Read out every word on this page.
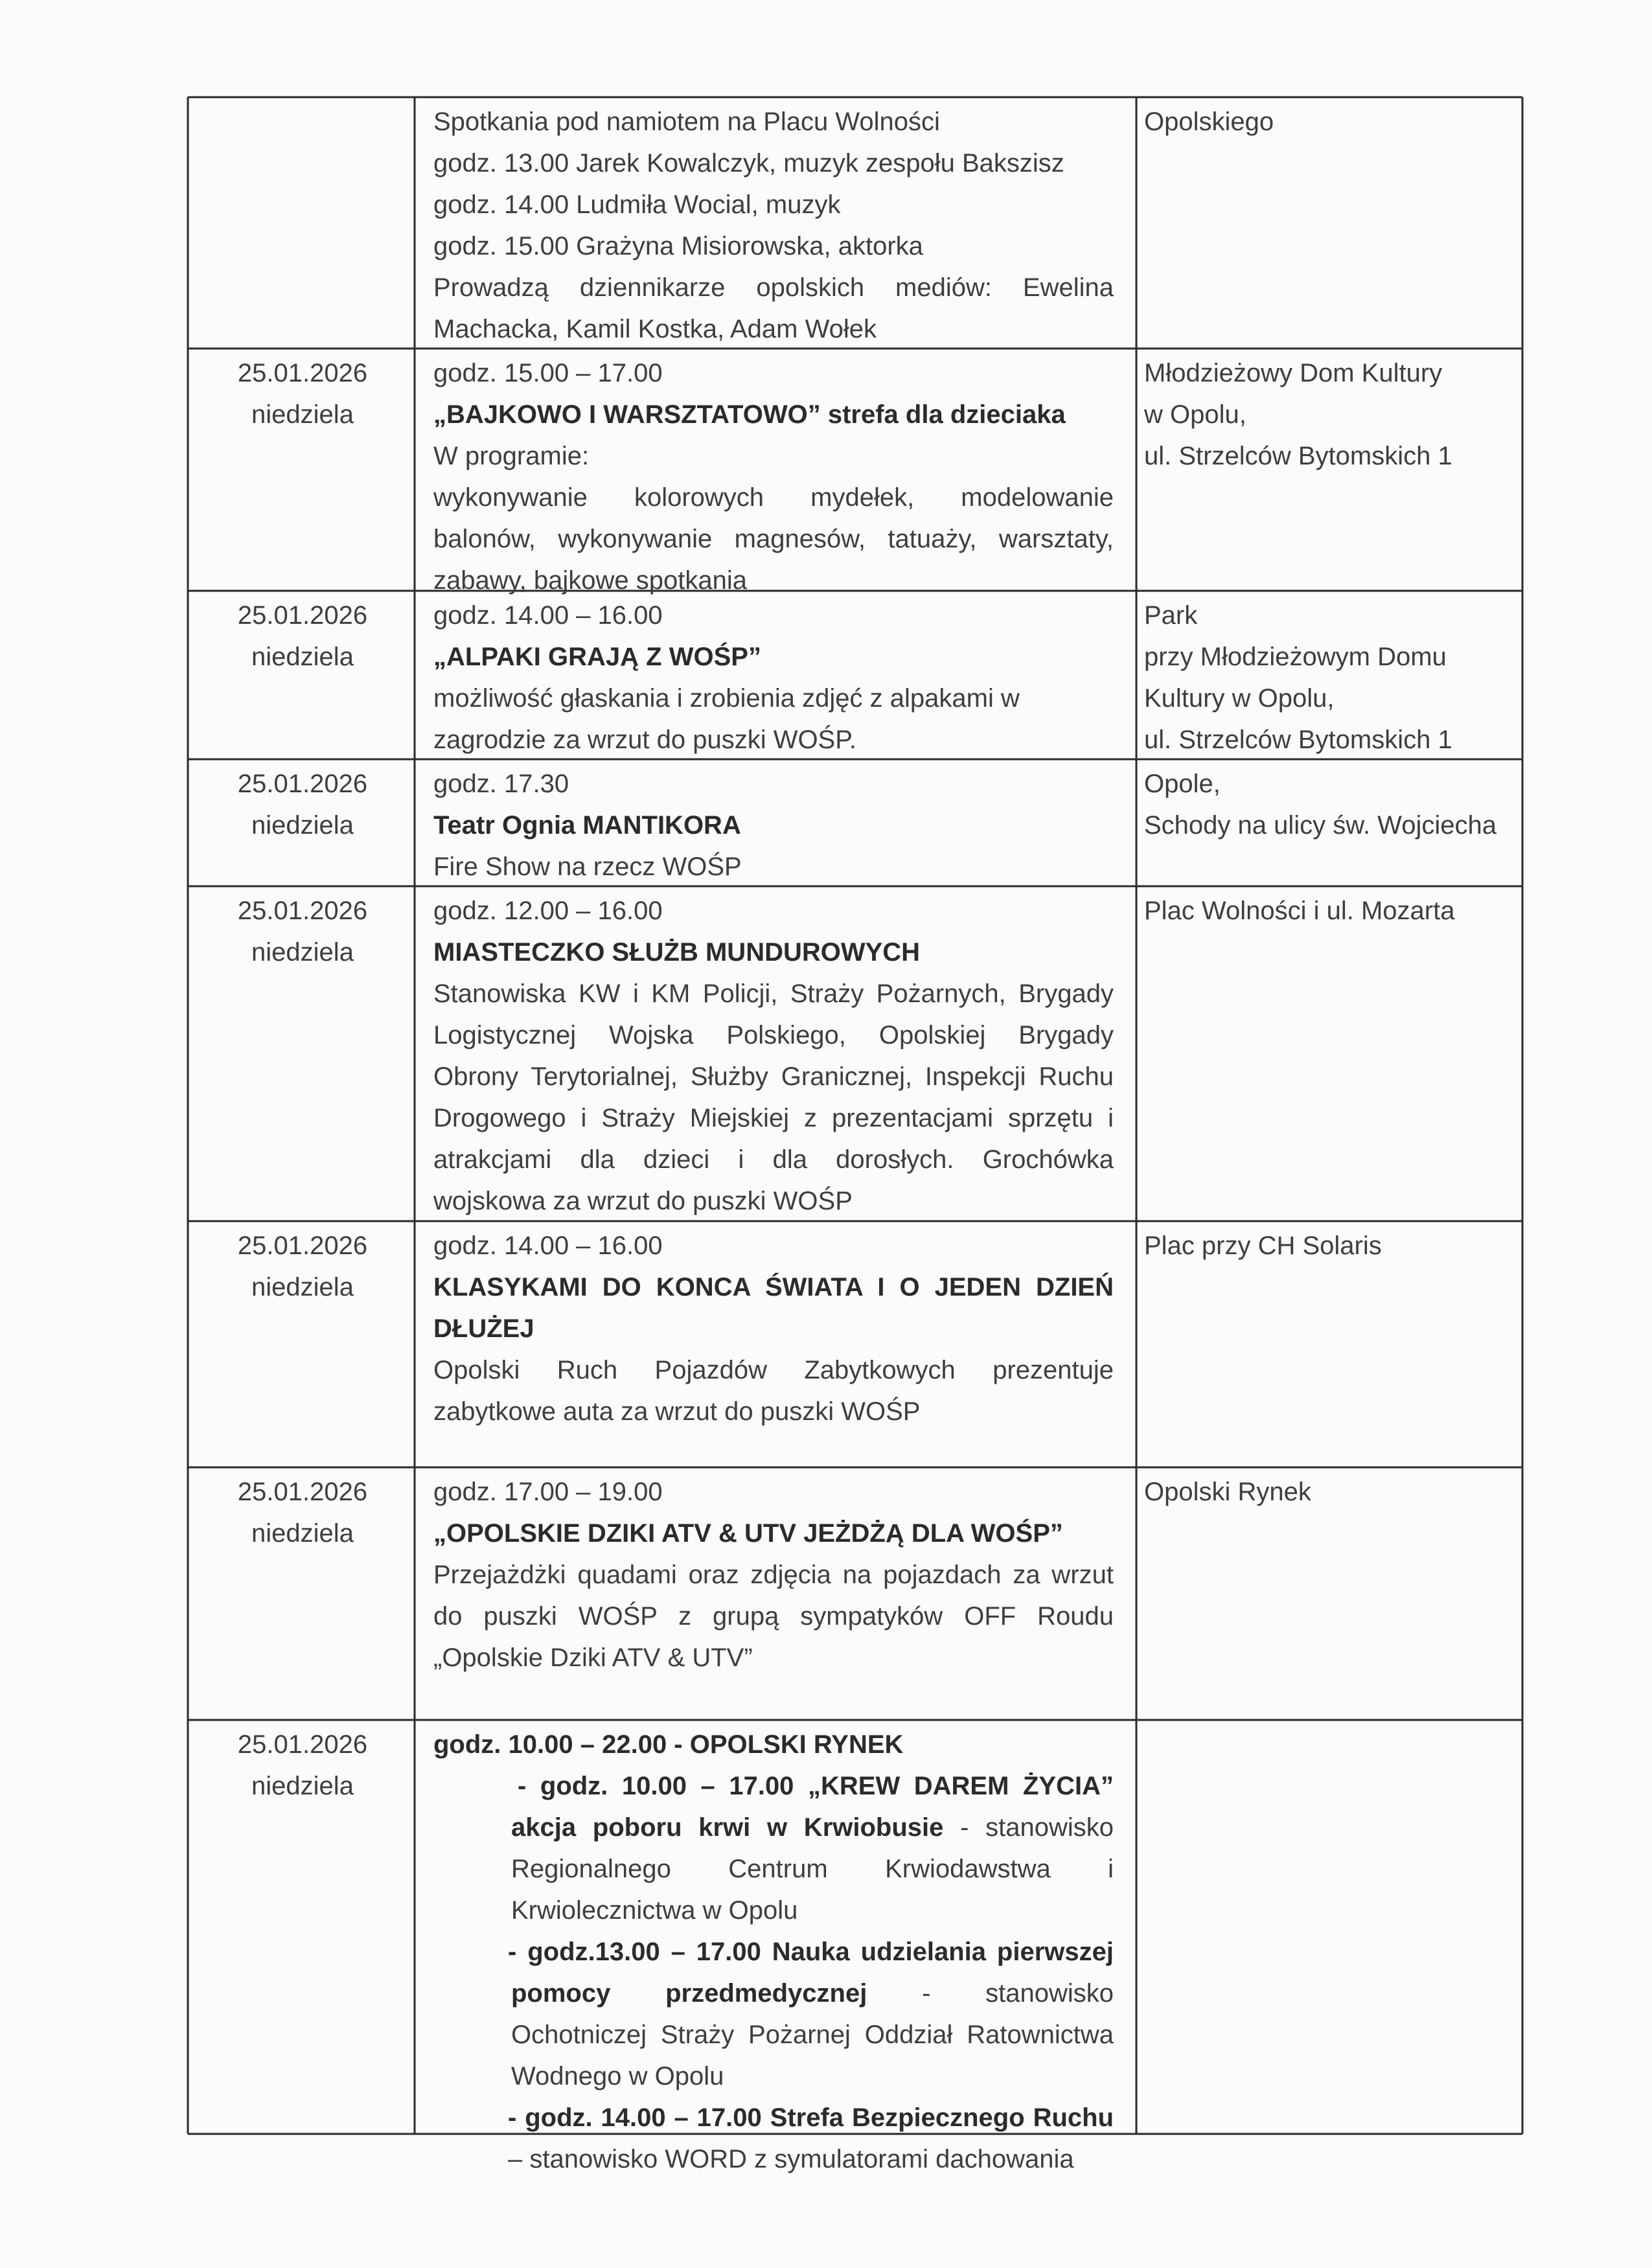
Spotkania pod namiotem na Placu Wolności
godz. 13.00 Jarek Kowalczyk, muzyk zespołu Bakszisz
godz. 14.00 Ludmiła Wocial, muzyk
godz. 15.00 Grażyna Misiorowska, aktorka
Prowadzą dziennikarze opolskich mediów: Ewelina
Machacka, Kamil Kostka, Adam Wołek
Opolskiego
25.01.2026
niedziela
godz. 15.00 – 17.00
„BAJKOWO I WARSZTATOWO” strefa dla dzieciaka
W programie:
wykonywanie kolorowych mydełek, modelowanie
balonów, wykonywanie magnesów, tatuaży, warsztaty,
zabawy, bajkowe spotkania
Młodzieżowy Dom Kultury
w Opolu,
ul. Strzelców Bytomskich 1
25.01.2026
niedziela
godz. 14.00 – 16.00
„ALPAKI GRAJĄ Z WOŚP”
możliwość głaskania i zrobienia zdjęć z alpakami w
zagrodzie za wrzut do puszki WOŚP.
Park
przy Młodzieżowym Domu
Kultury w Opolu,
ul. Strzelców Bytomskich 1
25.01.2026
niedziela
godz. 17.30
Teatr Ognia MANTIKORA
Fire Show na rzecz WOŚP
Opole,
Schody na ulicy św. Wojciecha
25.01.2026
niedziela
godz. 12.00 – 16.00
MIASTECZKO SŁUŻB MUNDUROWYCH
Stanowiska KW i KM Policji, Straży Pożarnych, Brygady
Logistycznej Wojska Polskiego, Opolskiej Brygady
Obrony Terytorialnej, Służby Granicznej, Inspekcji Ruchu
Drogowego i Straży Miejskiej z prezentacjami sprzętu i
atrakcjami dla dzieci i dla dorosłych. Grochówka
wojskowa za wrzut do puszki WOŚP
Plac Wolności i ul. Mozarta
25.01.2026
niedziela
godz. 14.00 – 16.00
KLASYKAMI DO KONCA ŚWIATA I O JEDEN DZIEŃ
DŁUŻEJ
Opolski Ruch Pojazdów Zabytkowych prezentuje
zabytkowe auta za wrzut do puszki WOŚP
Plac przy CH Solaris
25.01.2026
niedziela
godz. 17.00 – 19.00
„OPOLSKIE DZIKI ATV & UTV JEŻDŻĄ DLA WOŚP”
Przejażdżki quadami oraz zdjęcia na pojazdach za wrzut
do puszki WOŚP z grupą sympatyków OFF Roudu
„Opolskie Dziki ATV & UTV”
Opolski Rynek
25.01.2026
niedziela
godz. 10.00 – 22.00 - OPOLSKI RYNEK
- godz. 10.00 – 17.00 „KREW DAREM ŻYCIA”
akcja poboru krwi w Krwiobusie - stanowisko
Regionalnego Centrum Krwiodawstwa i
Krwiolecznictwa w Opolu
- godz.13.00 – 17.00 Nauka udzielania pierwszej
pomocy przedmedycznej - stanowisko
Ochotniczej Straży Pożarnej Oddział Ratownictwa
Wodnego w Opolu
- godz. 14.00 – 17.00 Strefa Bezpiecznego Ruchu
– stanowisko WORD z symulatorami dachowania
